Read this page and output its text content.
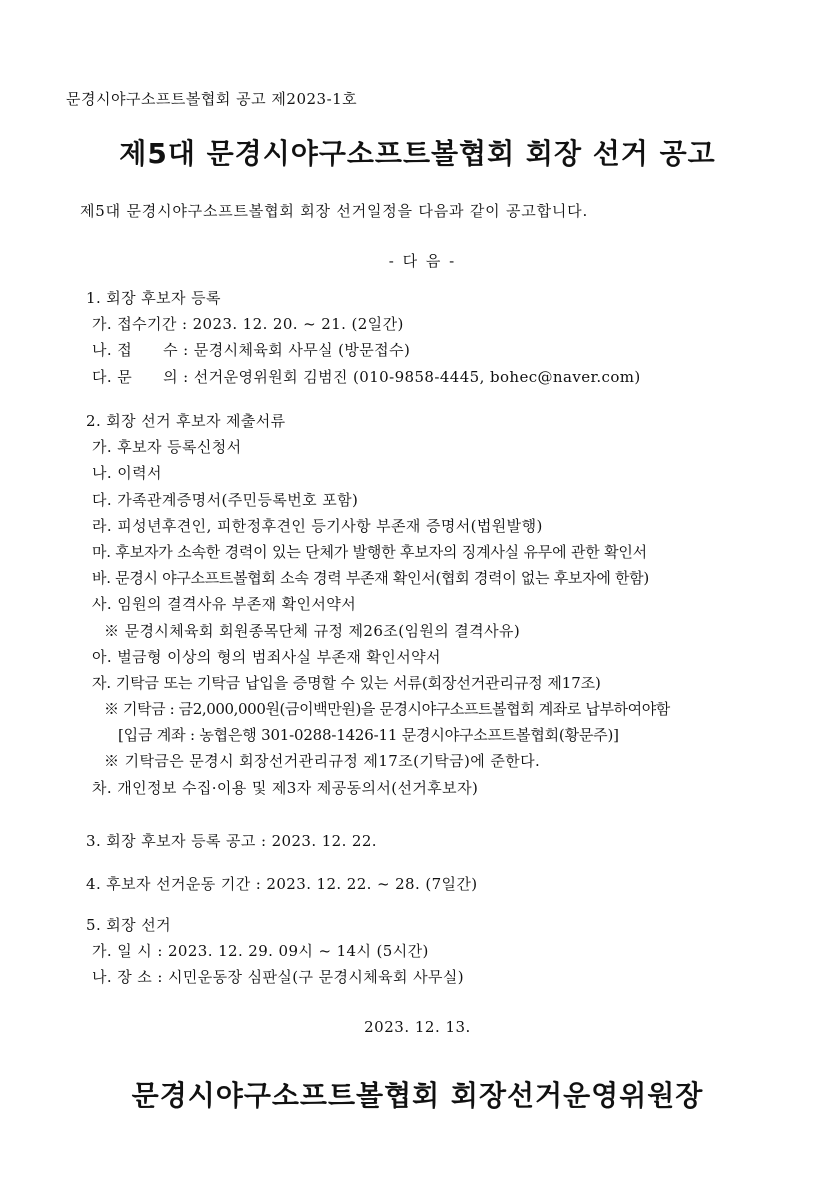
문경시야구소프트볼협회 공고 제2023-1호
제5대 문경시야구소프트볼협회 회장 선거 공고
제5대 문경시야구소프트볼협회 회장 선거일정을 다음과 같이 공고합니다.
- 다 음 -
1. 회장 후보자 등록
가. 접수기간 : 2023. 12. 20. ~ 21. (2일간)
나. 접      수 : 문경시체육회 사무실 (방문접수)
다. 문      의 : 선거운영위원회 김범진 (010-9858-4445, bohec@naver.com)
2. 회장 선거 후보자 제출서류
가. 후보자 등록신청서
나. 이력서
다. 가족관계증명서(주민등록번호 포함)
라. 피성년후견인, 피한정후견인 등기사항 부존재 증명서(법원발행)
마. 후보자가 소속한 경력이 있는 단체가 발행한 후보자의 징계사실 유무에 관한 확인서
바. 문경시 야구소프트볼협회 소속 경력 부존재 확인서(협회 경력이 없는 후보자에 한함)
사. 임원의 결격사유 부존재 확인서약서
※ 문경시체육회 회원종목단체 규정 제26조(임원의 결격사유)
아. 벌금형 이상의 형의 범죄사실 부존재 확인서약서
자. 기탁금 또는 기탁금 납입을 증명할 수 있는 서류(회장선거관리규정 제17조)
※ 기탁금 : 금2,000,000원(금이백만원)을 문경시야구소프트볼협회 계좌로 납부하여야함
[입금 계좌 : 농협은행 301-0288-1426-11 문경시야구소프트볼협회(황문주)]
※ 기탁금은 문경시 회장선거관리규정 제17조(기탁금)에 준한다.
차. 개인정보 수집·이용 및 제3자 제공동의서(선거후보자)
3. 회장 후보자 등록 공고 : 2023. 12. 22.
4. 후보자 선거운동 기간 : 2023. 12. 22. ~ 28. (7일간)
5. 회장 선거
가. 일 시 : 2023. 12. 29. 09시 ~ 14시 (5시간)
나. 장 소 : 시민운동장 심판실(구 문경시체육회 사무실)
2023. 12. 13.
문경시야구소프트볼협회 회장선거운영위원장
